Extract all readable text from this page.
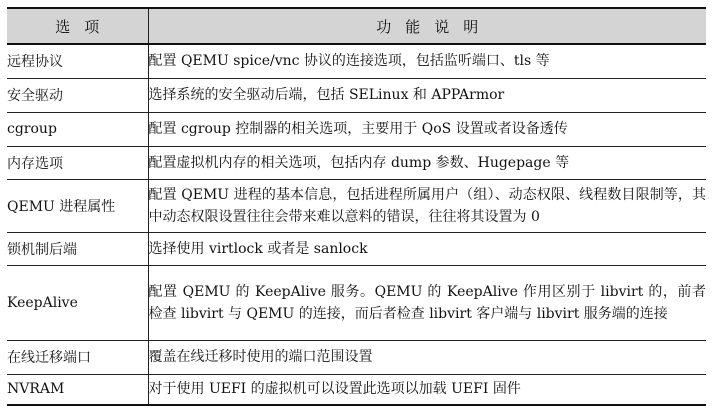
选项	功能说明
远程协议	配置 QEMU spice/vnc 协议的连接选项，包括监听端口、tls 等
安全驱动	选择系统的安全驱动后端，包括 SELinux 和 APPArmor
cgroup	配置 cgroup 控制器的相关选项，主要用于 QoS 设置或者设备透传
内存选项	配置虚拟机内存的相关选项，包括内存 dump 参数、Hugepage 等
QEMU 进程属性	配置 QEMU 进程的基本信息，包括进程所属用户（组）、动态权限、线程数目限制等，其中动态权限设置往往会带来难以意料的错误，往往将其设置为 0
锁机制后端	选择使用 virtlock 或者是 sanlock
KeepAlive	配置 QEMU 的 KeepAlive 服务。QEMU 的 KeepAlive 作用区别于 libvirt 的，前者检查 libvirt 与 QEMU 的连接，而后者检查 libvirt 客户端与 libvirt 服务端的连接
在线迁移端口	覆盖在线迁移时使用的端口范围设置
NVRAM	对于使用 UEFI 的虚拟机可以设置此选项以加载 UEFI 固件
